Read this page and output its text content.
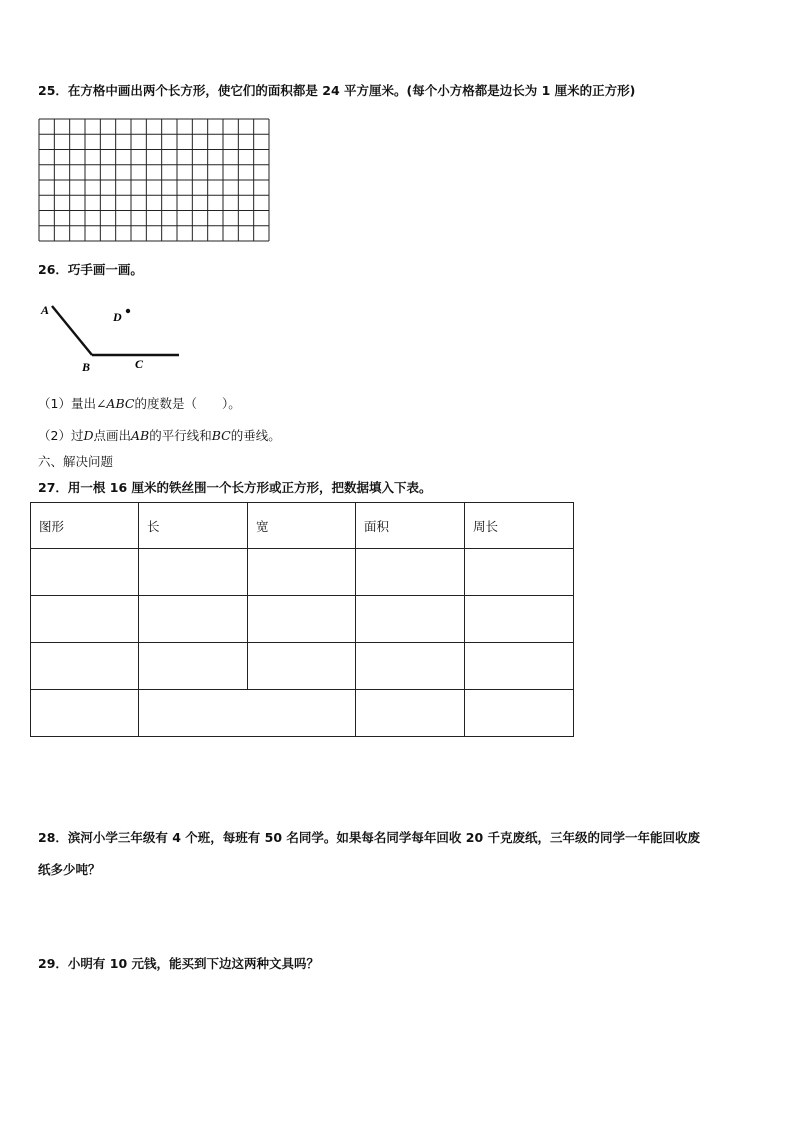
25．在方格中画出两个长方形，使它们的面积都是 24 平方厘米。(每个小方格都是边长为 1 厘米的正方形)
26．巧手画一画。
A	D
B	C
（1）量出∠ABC的度数是（　　）。
（2）过D点画出AB的平行线和BC的垂线。
六、解决问题
27．用一根 16 厘米的铁丝围一个长方形或正方形，把数据填入下表。
图形	长	宽	面积	周长

28．滨河小学三年级有 4 个班，每班有 50 名同学。如果每名同学每年回收 20 千克废纸，三年级的同学一年能回收废
纸多少吨？
29．小明有 10 元钱，能买到下边这两种文具吗？
